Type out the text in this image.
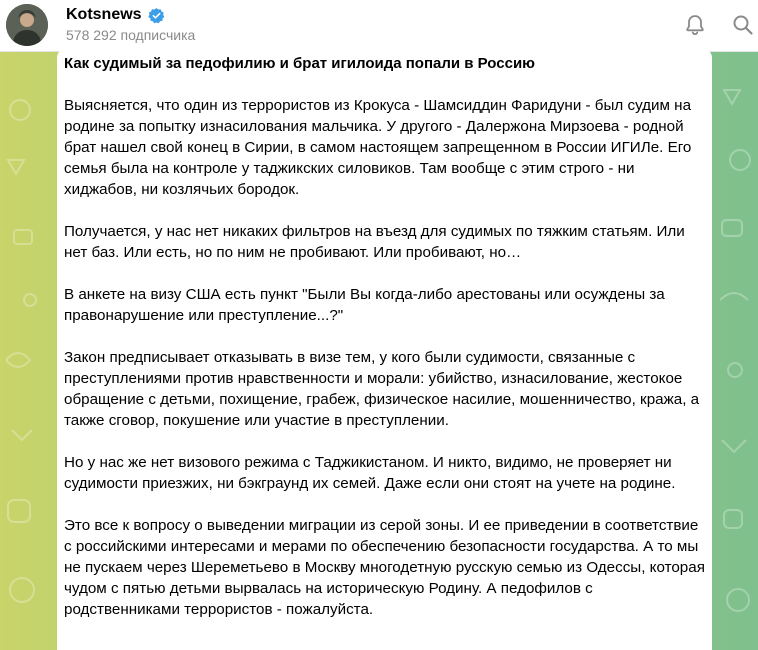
Kotsnews
578 292 подписчика
Как судимый за педофилию и брат игилоида попали в Россию

Выясняется, что один из террористов из Крокуса - Шамсиддин Фаридуни - был судим на родине за попытку изнасилования мальчика. У другого - Далержона Мирзоева - родной брат нашел свой конец в Сирии, в самом настоящем запрещенном в России ИГИЛе. Его семья была на контроле у таджикских силовиков. Там вообще с этим строго - ни хиджабов, ни козлячьих бородок.

Получается, у нас нет никаких фильтров на въезд для судимых по тяжким статьям. Или нет баз. Или есть, но по ним не пробивают. Или пробивают, но…

В анкете на визу США есть пункт "Были Вы когда-либо арестованы или осуждены за правонарушение или преступление...?"

Закон предписывает отказывать в визе тем, у кого были судимости, связанные с преступлениями против нравственности и морали: убийство, изнасилование, жестокое обращение с детьми, похищение, грабеж, физическое насилие, мошенничество, кража, а также сговор, покушение или участие в преступлении.

Но у нас же нет визового режима с Таджикистаном. И никто, видимо, не проверяет ни судимости приезжих, ни бэкграунд их семей. Даже если они стоят на учете на родине.

Это все к вопросу о выведении миграции из серой зоны. И ее приведении в соответствие с российскими интересами и мерами по обеспечению безопасности государства. А то мы не пускаем через Шереметьево в Москву многодетную русскую семью из Одессы, которая чудом с пятью детьми вырвалась на историческую Родину. А педофилов с родственниками террористов - пожалуйста.
